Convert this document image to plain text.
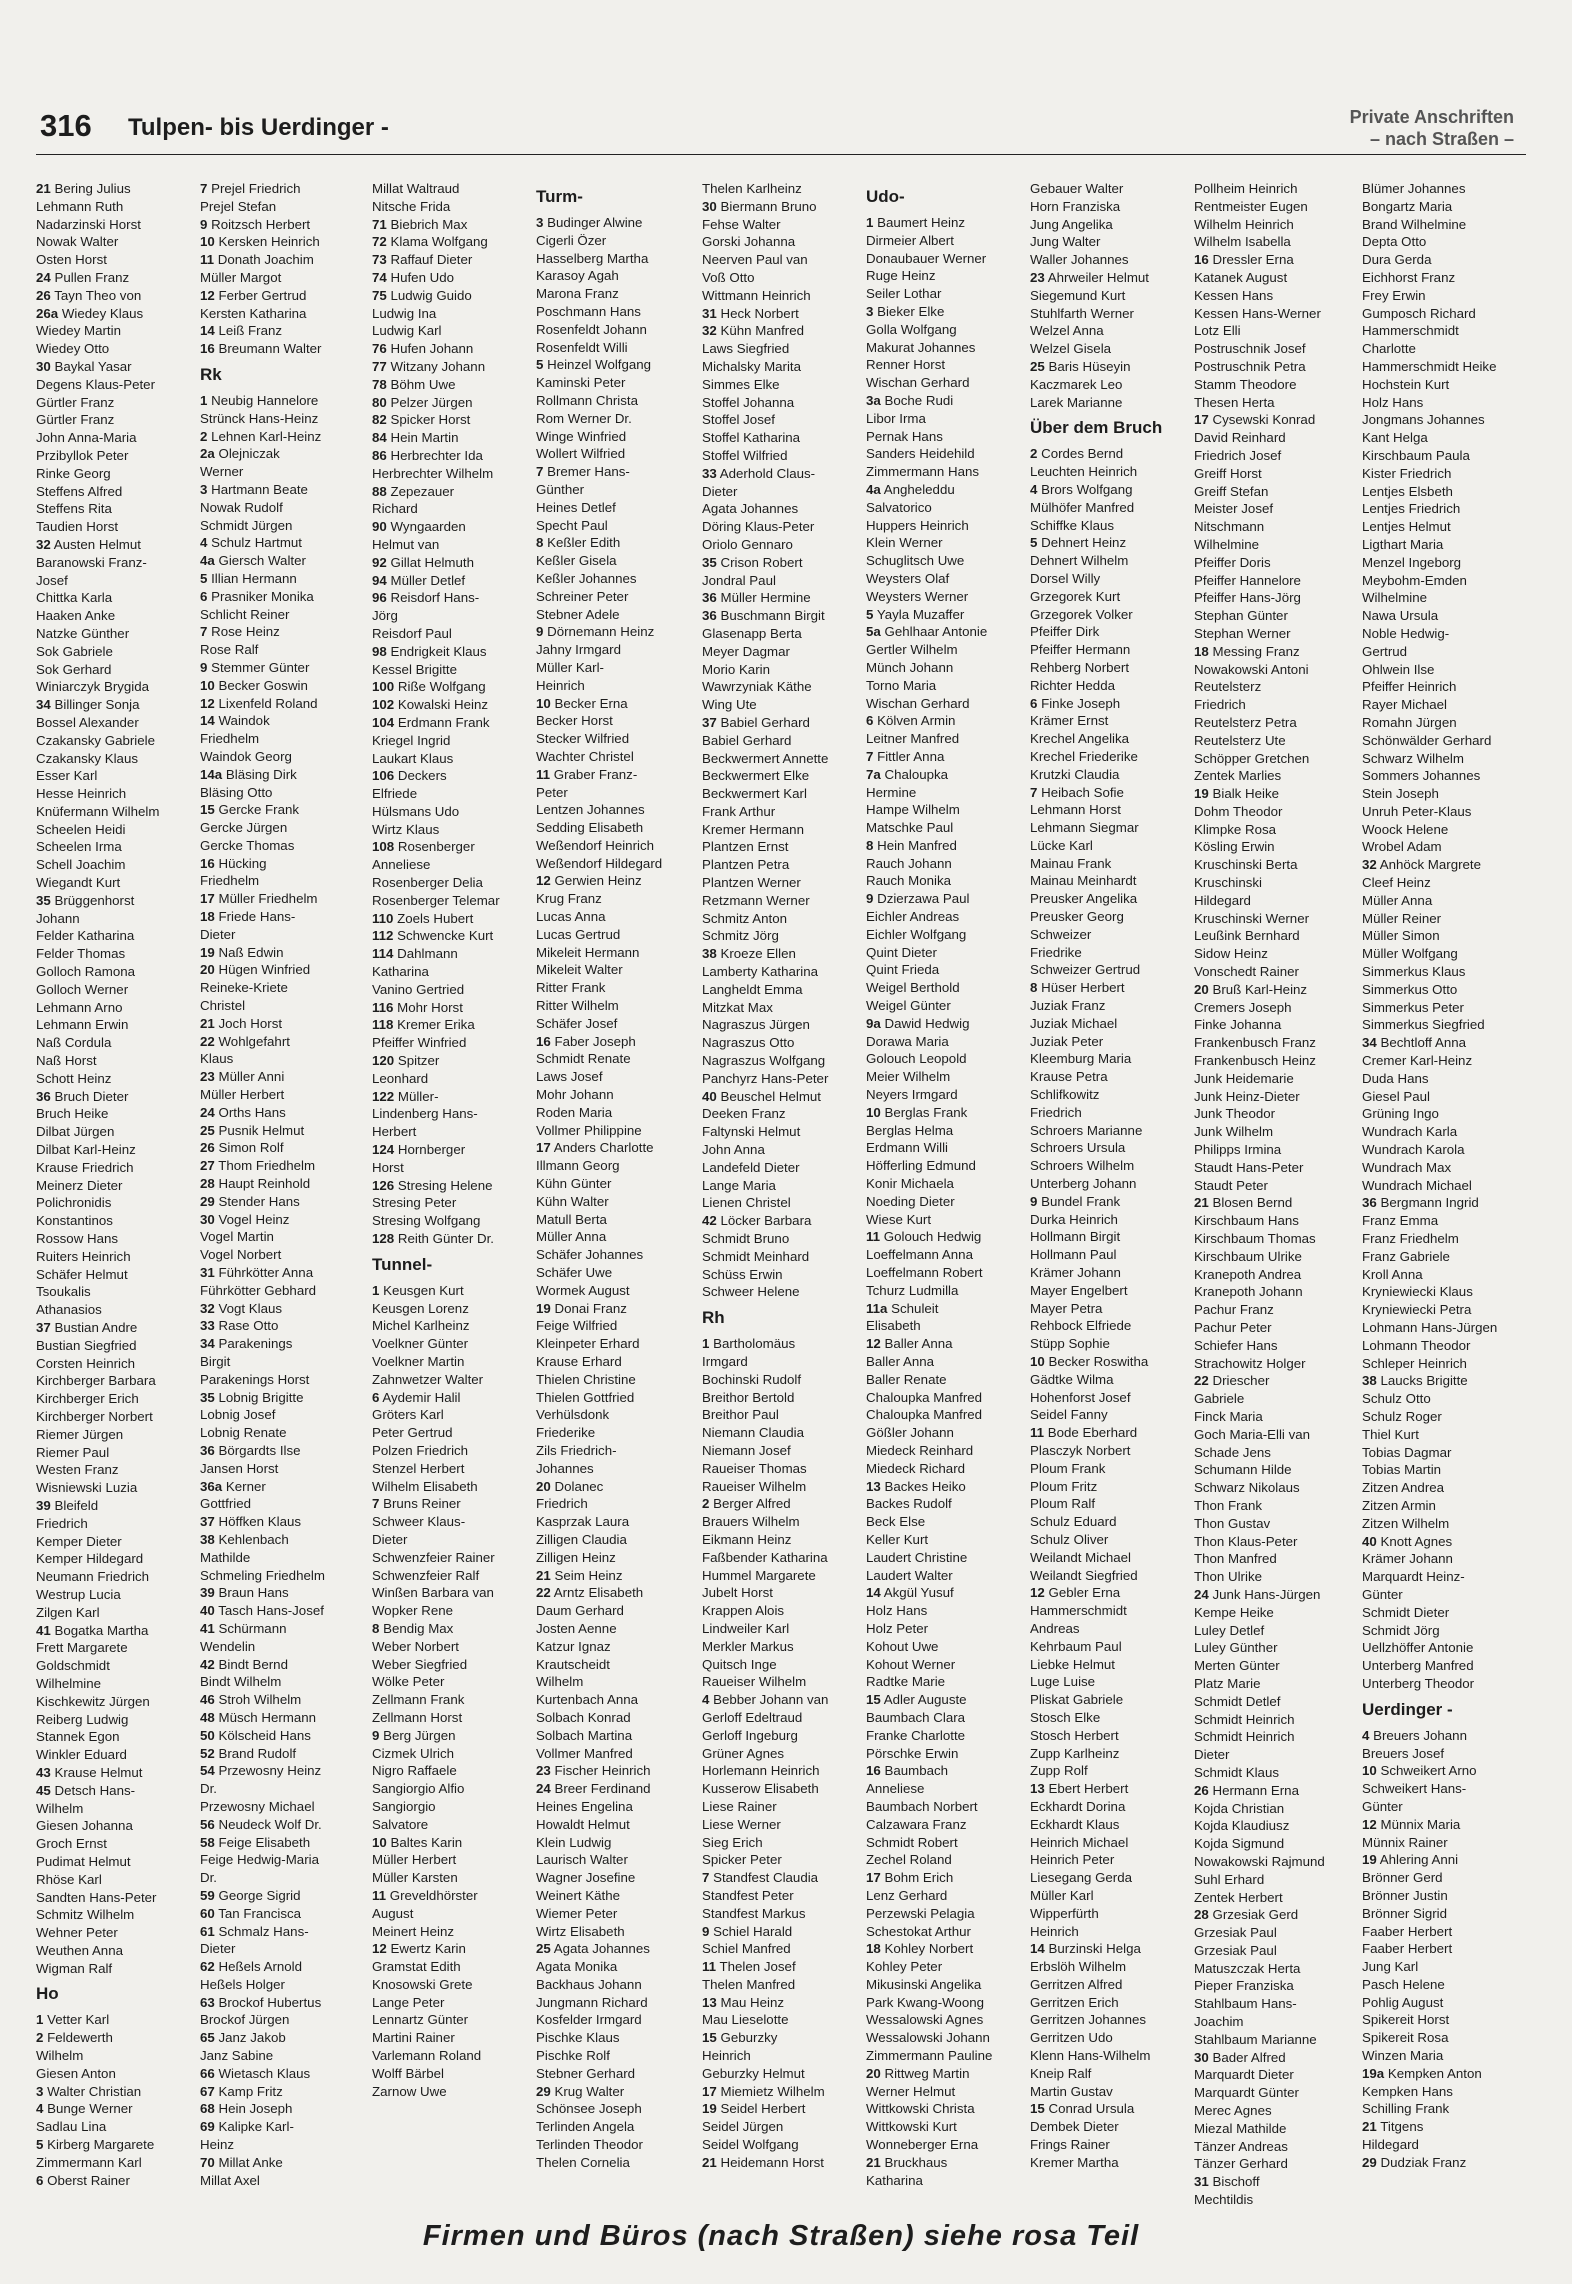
316 Tulpen- bis Uerdinger -	Private Anschriften
– nach Straßen –
21 Bering Julius
Lehmann Ruth
Nadarzinski Horst
Nowak Walter
Osten Horst
24 Pullen Franz
26 Tayn Theo von
26a Wiedey Klaus
Wiedey Martin
Wiedey Otto
30 Baykal Yasar
Degens Klaus-Peter
Gürtler Franz
Gürtler Franz
John Anna-Maria
Przibyllok Peter
Rinke Georg
Steffens Alfred
Steffens Rita
Taudien Horst
32 Austen Helmut
Baranowski Franz-
Josef
Chittka Karla
Haaken Anke
Natzke Günther
Sok Gabriele
Sok Gerhard
Winiarczyk Brygida
34 Billinger Sonja
Bossel Alexander
Czakansky Gabriele
Czakansky Klaus
Esser Karl
Hesse Heinrich
Knüfermann Wilhelm
Scheelen Heidi
Scheelen Irma
Schell Joachim
Wiegandt Kurt
35 Brüggenhorst
Johann
Felder Katharina
Felder Thomas
Golloch Ramona
Golloch Werner
Lehmann Arno
Lehmann Erwin
Naß Cordula
Naß Horst
Schott Heinz
36 Bruch Dieter
Bruch Heike
Dilbat Jürgen
Dilbat Karl-Heinz
Krause Friedrich
Meinerz Dieter
Polichronidis
Konstantinos
Rossow Hans
Ruiters Heinrich
Schäfer Helmut
Tsoukalis
Athanasios
37 Bustian Andre
Bustian Siegfried
Corsten Heinrich
Kirchberger Barbara
Kirchberger Erich
Kirchberger Norbert
Riemer Jürgen
Riemer Paul
Westen Franz
Wisniewski Luzia
39 Bleifeld
Friedrich
Kemper Dieter
Kemper Hildegard
Neumann Friedrich
Westrup Lucia
Zilgen Karl
41 Bogatka Martha
Frett Margarete
Goldschmidt
Wilhelmine
Kischkewitz Jürgen
Reiberg Ludwig
Stannek Egon
Winkler Eduard
43 Krause Helmut
45 Detsch Hans-
Wilhelm
Giesen Johanna
Groch Ernst
Pudimat Helmut
Rhöse Karl
Sandten Hans-Peter
Schmitz Wilhelm
Wehner Peter
Weuthen Anna
Wigman Ralf
Ho
1 Vetter Karl
2 Feldewerth
Wilhelm
Giesen Anton
3 Walter Christian
4 Bunge Werner
Sadlau Lina
5 Kirberg Margarete
Zimmermann Karl
6 Oberst Rainer
7 Prejel Friedrich
Prejel Stefan
9 Roitzsch Herbert
10 Kersken Heinrich
11 Donath Joachim
Müller Margot
12 Ferber Gertrud
Kersten Katharina
14 Leiß Franz
16 Breumann Walter
Rk
1 Neubig Hannelore
Strünck Hans-Heinz
2 Lehnen Karl-Heinz
2a Olejniczak
Werner
3 Hartmann Beate
Nowak Rudolf
Schmidt Jürgen
4 Schulz Hartmut
4a Giersch Walter
5 Illian Hermann
6 Prasniker Monika
Schlicht Reiner
7 Rose Heinz
Rose Ralf
9 Stemmer Günter
10 Becker Goswin
12 Lixenfeld Roland
14 Waindok
Friedhelm
Waindok Georg
14a Bläsing Dirk
Bläsing Otto
15 Gercke Frank
Gercke Jürgen
Gercke Thomas
16 Hücking
Friedhelm
17 Müller Friedhelm
18 Friede Hans-
Dieter
19 Naß Edwin
20 Hügen Winfried
Reineke-Kriete
Christel
21 Joch Horst
22 Wohlgefahrt
Klaus
23 Müller Anni
Müller Herbert
24 Orths Hans
25 Pusnik Helmut
26 Simon Rolf
27 Thom Friedhelm
28 Haupt Reinhold
29 Stender Hans
30 Vogel Heinz
Vogel Martin
Vogel Norbert
31 Führkötter Anna
Führkötter Gebhard
32 Vogt Klaus
33 Rase Otto
34 Parakenings
Birgit
Parakenings Horst
35 Lobnig Brigitte
Lobnig Josef
Lobnig Renate
36 Börgardts Ilse
Jansen Horst
36a Kerner
Gottfried
37 Höffken Klaus
38 Kehlenbach
Mathilde
Schmeling Friedhelm
39 Braun Hans
40 Tasch Hans-Josef
41 Schürmann
Wendelin
42 Bindt Bernd
Bindt Wilhelm
46 Stroh Wilhelm
48 Müsch Hermann
50 Kölscheid Hans
52 Brand Rudolf
54 Przewosny Heinz
Dr.
Przewosny Michael
56 Neudeck Wolf Dr.
58 Feige Elisabeth
Feige Hedwig-Maria
Dr.
59 George Sigrid
60 Tan Francisca
61 Schmalz Hans-
Dieter
62 Heßels Arnold
Heßels Holger
63 Brockof Hubertus
Brockof Jürgen
65 Janz Jakob
Janz Sabine
66 Wietasch Klaus
67 Kamp Fritz
68 Hein Joseph
69 Kalipke Karl-
Heinz
70 Millat Anke
Millat Axel
Millat Waltraud
Nitsche Frida
71 Biebrich Max
72 Klama Wolfgang
73 Raffauf Dieter
74 Hufen Udo
75 Ludwig Guido
Ludwig Ina
Ludwig Karl
76 Hufen Johann
77 Witzany Johann
78 Böhm Uwe
80 Pelzer Jürgen
82 Spicker Horst
84 Hein Martin
86 Herbrechter Ida
Herbrechter Wilhelm
88 Zepezauer
Richard
90 Wyngaarden
Helmut van
92 Gillat Helmuth
94 Müller Detlef
96 Reisdorf Hans-
Jörg
Reisdorf Paul
98 Endrigkeit Klaus
Kessel Brigitte
100 Riße Wolfgang
102 Kowalski Heinz
104 Erdmann Frank
Kriegel Ingrid
Laukart Klaus
106 Deckers
Elfriede
Hülsmans Udo
Wirtz Klaus
108 Rosenberger
Anneliese
Rosenberger Delia
Rosenberger Telemar
110 Zoels Hubert
112 Schwencke Kurt
114 Dahlmann
Katharina
Vanino Gertried
116 Mohr Horst
118 Kremer Erika
Pfeiffer Winfried
120 Spitzer
Leonhard
122 Müller-
Lindenberg Hans-
Herbert
124 Hornberger
Horst
126 Stresing Helene
Stresing Peter
Stresing Wolfgang
128 Reith Günter Dr.
Tunnel-
1 Keusgen Kurt
Keusgen Lorenz
Michel Karlheinz
Voelkner Günter
Voelkner Martin
Zahnwetzer Walter
6 Aydemir Halil
Gröters Karl
Peter Gertrud
Polzen Friedrich
Stenzel Herbert
Wilhelm Elisabeth
7 Bruns Reiner
Schweer Klaus-
Dieter
Schwenzfeier Rainer
Schwenzfeier Ralf
Winßen Barbara van
Wopker Rene
8 Bendig Max
Weber Norbert
Weber Siegfried
Wölke Peter
Zellmann Frank
Zellmann Horst
9 Berg Jürgen
Cizmek Ulrich
Nigro Raffaele
Sangiorgio Alfio
Sangiorgio
Salvatore
10 Baltes Karin
Müller Herbert
Müller Karsten
11 Greveldhörster
August
Meinert Heinz
12 Ewertz Karin
Gramstat Edith
Knosowski Grete
Lange Peter
Lennartz Günter
Martini Rainer
Varlemann Roland
Wolff Bärbel
Zarnow Uwe
Turm-
3 Budinger Alwine
Cigerli Özer
Hasselberg Martha
Karasoy Agah
Marona Franz
Poschmann Hans
Rosenfeldt Johann
Rosenfeldt Willi
5 Heinzel Wolfgang
Kaminski Peter
Rollmann Christa
Rom Werner Dr.
Winge Winfried
Wollert Wilfried
7 Bremer Hans-
Günther
Heines Detlef
Specht Paul
8 Keßler Edith
Keßler Gisela
Keßler Johannes
Schreiner Peter
Stebner Adele
9 Dörnemann Heinz
Jahny Irmgard
Müller Karl-
Heinrich
10 Becker Erna
Becker Horst
Stecker Wilfried
Wachter Christel
11 Graber Franz-
Peter
Lentzen Johannes
Sedding Elisabeth
Weßendorf Heinrich
Weßendorf Hildegard
12 Gerwien Heinz
Krug Franz
Lucas Anna
Lucas Gertrud
Mikeleit Hermann
Mikeleit Walter
Ritter Frank
Ritter Wilhelm
Schäfer Josef
16 Faber Joseph
Schmidt Renate
Laws Josef
Mohr Johann
Roden Maria
Vollmer Philippine
17 Anders Charlotte
Illmann Georg
Kühn Günter
Kühn Walter
Matull Berta
Müller Anna
Schäfer Johannes
Schäfer Uwe
Wormek August
19 Donai Franz
Feige Wilfried
Kleinpeter Erhard
Krause Erhard
Thielen Christine
Thielen Gottfried
Verhülsdonk
Friederike
Zils Friedrich-
Johannes
20 Dolanec
Friedrich
Kasprzak Laura
Zilligen Claudia
Zilligen Heinz
21 Seim Heinz
22 Arntz Elisabeth
Daum Gerhard
Josten Aenne
Katzur Ignaz
Krautscheidt
Wilhelm
Kurtenbach Anna
Solbach Konrad
Solbach Martina
Vollmer Manfred
23 Fischer Heinrich
24 Breer Ferdinand
Heines Engelina
Howaldt Helmut
Klein Ludwig
Laurisch Walter
Wagner Josefine
Weinert Käthe
Wiemer Peter
Wirtz Elisabeth
25 Agata Johannes
Agata Monika
Backhaus Johann
Jungmann Richard
Kosfelder Irmgard
Pischke Klaus
Pischke Rolf
Stebner Gerhard
29 Krug Walter
Schönsee Joseph
Terlinden Angela
Terlinden Theodor
Thelen Cornelia
Thelen Karlheinz
30 Biermann Bruno
Fehse Walter
Gorski Johanna
Neerven Paul van
Voß Otto
Wittmann Heinrich
31 Heck Norbert
32 Kühn Manfred
Laws Siegfried
Michalsky Marita
Simmes Elke
Stoffel Johanna
Stoffel Josef
Stoffel Katharina
Stoffel Wilfried
33 Aderhold Claus-
Dieter
Agata Johannes
Döring Klaus-Peter
Oriolo Gennaro
35 Crison Robert
Jondral Paul
36 Müller Hermine
36 Buschmann Birgit
Glasenapp Berta
Meyer Dagmar
Morio Karin
Wawrzyniak Käthe
Wing Ute
37 Babiel Gerhard
Babiel Gerhard
Beckwermert Annette
Beckwermert Elke
Beckwermert Karl
Frank Arthur
Kremer Hermann
Plantzen Ernst
Plantzen Petra
Plantzen Werner
Retzmann Werner
Schmitz Anton
Schmitz Jörg
38 Kroeze Ellen
Lamberty Katharina
Langheldt Emma
Mitzkat Max
Nagraszus Jürgen
Nagraszus Otto
Nagraszus Wolfgang
Panchyrz Hans-Peter
40 Beuschel Helmut
Deeken Franz
Faltynski Helmut
John Anna
Landefeld Dieter
Lange Maria
Lienen Christel
42 Löcker Barbara
Schmidt Bruno
Schmidt Meinhard
Schüss Erwin
Schweer Helene
Rh
1 Bartholomäus
Irmgard
Bochinski Rudolf
Breithor Bertold
Breithor Paul
Niemann Claudia
Niemann Josef
Raueiser Thomas
Raueiser Wilhelm
2 Berger Alfred
Brauers Wilhelm
Eikmann Heinz
Faßbender Katharina
Hummel Margarete
Jubelt Horst
Krappen Alois
Lindweiler Karl
Merkler Markus
Quitsch Inge
Raueiser Wilhelm
4 Bebber Johann van
Gerloff Edeltraud
Gerloff Ingeburg
Grüner Agnes
Horlemann Heinrich
Kusserow Elisabeth
Liese Rainer
Liese Werner
Sieg Erich
Spicker Peter
7 Standfest Claudia
Standfest Peter
Standfest Markus
9 Schiel Harald
Schiel Manfred
11 Thelen Josef
Thelen Manfred
13 Mau Heinz
Mau Lieselotte
15 Geburzky
Heinrich
Geburzky Helmut
17 Miemietz Wilhelm
19 Seidel Herbert
Seidel Jürgen
Seidel Wolfgang
21 Heidemann Horst
Udo-
1 Baumert Heinz
Dirmeier Albert
Donaubauer Werner
Ruge Heinz
Seiler Lothar
3 Bieker Elke
Golla Wolfgang
Makurat Johannes
Renner Horst
Wischan Gerhard
3a Boche Rudi
Libor Irma
Pernak Hans
Sanders Heidehild
Zimmermann Hans
4a Angheleddu
Salvatorico
Huppers Heinrich
Klein Werner
Schuglitsch Uwe
Weysters Olaf
Weysters Werner
5 Yayla Muzaffer
5a Gehlhaar Antonie
Gertler Wilhelm
Münch Johann
Torno Maria
Wischan Gerhard
6 Kölven Armin
Leitner Manfred
7 Fittler Anna
7a Chaloupka
Hermine
Hampe Wilhelm
Matschke Paul
8 Hein Manfred
Rauch Johann
Rauch Monika
9 Dzierzawa Paul
Eichler Andreas
Eichler Wolfgang
Quint Dieter
Quint Frieda
Weigel Berthold
Weigel Günter
9a Dawid Hedwig
Dorawa Maria
Golouch Leopold
Meier Wilhelm
Neyers Irmgard
10 Berglas Frank
Berglas Helma
Erdmann Willi
Höfferling Edmund
Konir Michaela
Noeding Dieter
Wiese Kurt
11 Golouch Hedwig
Loeffelmann Anna
Loeffelmann Robert
Tchurz Ludmilla
11a Schuleit
Elisabeth
12 Baller Anna
Baller Anna
Baller Renate
Chaloupka Manfred
Chaloupka Manfred
Gößler Johann
Miedeck Reinhard
Miedeck Richard
13 Backes Heiko
Backes Rudolf
Beck Else
Keller Kurt
Laudert Christine
Laudert Walter
14 Akgül Yusuf
Holz Hans
Holz Peter
Kohout Uwe
Kohout Werner
Radtke Marie
15 Adler Auguste
Baumbach Clara
Franke Charlotte
Pörschke Erwin
16 Baumbach
Anneliese
Baumbach Norbert
Calzawara Franz
Schmidt Robert
Zechel Roland
17 Bohm Erich
Lenz Gerhard
Perzewski Pelagia
Schestokat Arthur
18 Kohley Norbert
Kohley Peter
Mikusinski Angelika
Park Kwang-Woong
Wessalowski Agnes
Wessalowski Johann
Zimmermann Pauline
20 Rittweg Martin
Werner Helmut
Wittkowski Christa
Wittkowski Kurt
Wonneberger Erna
21 Bruckhaus
Katharina
Gebauer Walter
Horn Franziska
Jung Angelika
Jung Walter
Waller Johannes
23 Ahrweiler Helmut
Siegemund Kurt
Stuhlfarth Werner
Welzel Anna
Welzel Gisela
25 Baris Hüseyin
Kaczmarek Leo
Larek Marianne
Über dem Bruch
2 Cordes Bernd
Leuchten Heinrich
4 Brors Wolfgang
Mülhöfer Manfred
Schiffke Klaus
5 Dehnert Heinz
Dehnert Wilhelm
Dorsel Willy
Grzegorek Kurt
Grzegorek Volker
Pfeiffer Dirk
Pfeiffer Hermann
Rehberg Norbert
Richter Hedda
6 Finke Joseph
Krämer Ernst
Krechel Angelika
Krechel Friederike
Krutzki Claudia
7 Heibach Sofie
Lehmann Horst
Lehmann Siegmar
Lücke Karl
Mainau Frank
Mainau Meinhardt
Preusker Angelika
Preusker Georg
Schweizer
Friedrike
Schweizer Gertrud
8 Hüser Herbert
Juziak Franz
Juziak Michael
Juziak Peter
Kleemburg Maria
Krause Petra
Schlifkowitz
Friedrich
Schroers Marianne
Schroers Ursula
Schroers Wilhelm
Unterberg Johann
9 Bundel Frank
Durka Heinrich
Hollmann Birgit
Hollmann Paul
Krämer Johann
Mayer Engelbert
Mayer Petra
Rehbock Elfriede
Stüpp Sophie
10 Becker Roswitha
Gädtke Wilma
Hohenforst Josef
Seidel Fanny
11 Bode Eberhard
Plasczyk Norbert
Ploum Frank
Ploum Fritz
Ploum Ralf
Schulz Eduard
Schulz Oliver
Weilandt Michael
Weilandt Siegfried
12 Gebler Erna
Hammerschmidt
Andreas
Kehrbaum Paul
Liebke Helmut
Luge Luise
Pliskat Gabriele
Stosch Elke
Stosch Herbert
Zupp Karlheinz
Zupp Rolf
13 Ebert Herbert
Eckhardt Dorina
Eckhardt Klaus
Heinrich Michael
Heinrich Peter
Liesegang Gerda
Müller Karl
Wipperfürth
Heinrich
14 Burzinski Helga
Erbslöh Wilhelm
Gerritzen Alfred
Gerritzen Erich
Gerritzen Johannes
Gerritzen Udo
Klenn Hans-Wilhelm
Kneip Ralf
Martin Gustav
15 Conrad Ursula
Dembek Dieter
Frings Rainer
Kremer Martha
Pollheim Heinrich
Rentmeister Eugen
Wilhelm Heinrich
Wilhelm Isabella
16 Dressler Erna
Katanek August
Kessen Hans
Kessen Hans-Werner
Lotz Elli
Postruschnik Josef
Postruschnik Petra
Stamm Theodore
Thesen Herta
17 Cysewski Konrad
David Reinhard
Friedrich Josef
Greiff Horst
Greiff Stefan
Meister Josef
Nitschmann
Wilhelmine
Pfeiffer Doris
Pfeiffer Hannelore
Pfeiffer Hans-Jörg
Stephan Günter
Stephan Werner
18 Messing Franz
Nowakowski Antoni
Reutelsterz
Friedrich
Reutelsterz Petra
Reutelsterz Ute
Schöpper Gretchen
Zentek Marlies
19 Bialk Heike
Dohm Theodor
Klimpke Rosa
Kösling Erwin
Kruschinski Berta
Kruschinski
Hildegard
Kruschinski Werner
Leußink Bernhard
Sidow Heinz
Vonschedt Rainer
20 Bruß Karl-Heinz
Cremers Joseph
Finke Johanna
Frankenbusch Franz
Frankenbusch Heinz
Junk Heidemarie
Junk Heinz-Dieter
Junk Theodor
Junk Wilhelm
Philipps Irmina
Staudt Hans-Peter
Staudt Peter
21 Blosen Bernd
Kirschbaum Hans
Kirschbaum Thomas
Kirschbaum Ulrike
Kranepoth Andrea
Kranepoth Johann
Pachur Franz
Pachur Peter
Schiefer Hans
Strachowitz Holger
22 Driescher
Gabriele
Finck Maria
Goch Maria-Elli van
Schade Jens
Schumann Hilde
Schwarz Nikolaus
Thon Frank
Thon Gustav
Thon Klaus-Peter
Thon Manfred
Thon Ulrike
24 Junk Hans-Jürgen
Kempe Heike
Luley Detlef
Luley Günther
Merten Günter
Platz Marie
Schmidt Detlef
Schmidt Heinrich
Schmidt Heinrich
Dieter
Schmidt Klaus
26 Hermann Erna
Kojda Christian
Kojda Klaudiusz
Kojda Sigmund
Nowakowski Rajmund
Suhl Erhard
Zentek Herbert
28 Grzesiak Gerd
Grzesiak Paul
Grzesiak Paul
Matuszczak Herta
Pieper Franziska
Stahlbaum Hans-
Joachim
Stahlbaum Marianne
30 Bader Alfred
Marquardt Dieter
Marquardt Günter
Merec Agnes
Miezal Mathilde
Tänzer Andreas
Tänzer Gerhard
31 Bischoff
Mechtildis
Blümer Johannes
Bongartz Maria
Brand Wilhelmine
Depta Otto
Dura Gerda
Eichhorst Franz
Frey Erwin
Gumposch Richard
Hammerschmidt
Charlotte
Hammerschmidt Heike
Hochstein Kurt
Holz Hans
Jongmans Johannes
Kant Helga
Kirschbaum Paula
Kister Friedrich
Lentjes Elsbeth
Lentjes Friedrich
Lentjes Helmut
Ligthart Maria
Menzel Ingeborg
Meybohm-Emden
Wilhelmine
Nawa Ursula
Noble Hedwig-
Gertrud
Ohlwein Ilse
Pfeiffer Heinrich
Rayer Michael
Romahn Jürgen
Schönwälder Gerhard
Schwarz Wilhelm
Sommers Johannes
Stein Joseph
Unruh Peter-Klaus
Woock Helene
Wrobel Adam
32 Anhöck Margrete
Cleef Heinz
Müller Anna
Müller Reiner
Müller Simon
Müller Wolfgang
Simmerkus Klaus
Simmerkus Otto
Simmerkus Peter
Simmerkus Siegfried
34 Bechtloff Anna
Cremer Karl-Heinz
Duda Hans
Giesel Paul
Grüning Ingo
Wundrach Karla
Wundrach Karola
Wundrach Max
Wundrach Michael
36 Bergmann Ingrid
Franz Emma
Franz Friedhelm
Franz Gabriele
Kroll Anna
Kryniewiecki Klaus
Kryniewiecki Petra
Lohmann Hans-Jürgen
Lohmann Theodor
Schleper Heinrich
38 Laucks Brigitte
Schulz Otto
Schulz Roger
Thiel Kurt
Tobias Dagmar
Tobias Martin
Zitzen Andrea
Zitzen Armin
Zitzen Wilhelm
40 Knott Agnes
Krämer Johann
Marquardt Heinz-
Günter
Schmidt Dieter
Schmidt Jörg
Uellzhöffer Antonie
Unterberg Manfred
Unterberg Theodor
Uerdinger -
4 Breuers Johann
Breuers Josef
10 Schweikert Arno
Schweikert Hans-
Günter
12 Münnix Maria
Münnix Rainer
19 Ahlering Anni
Brönner Gerd
Brönner Justin
Brönner Sigrid
Faaber Herbert
Faaber Herbert
Jung Karl
Pasch Helene
Pohlig August
Spikereit Horst
Spikereit Rosa
Winzen Maria
19a Kempken Anton
Kempken Hans
Schilling Frank
21 Titgens
Hildegard
29 Dudziak Franz
Firmen und Büros (nach Straßen) siehe rosa Teil
